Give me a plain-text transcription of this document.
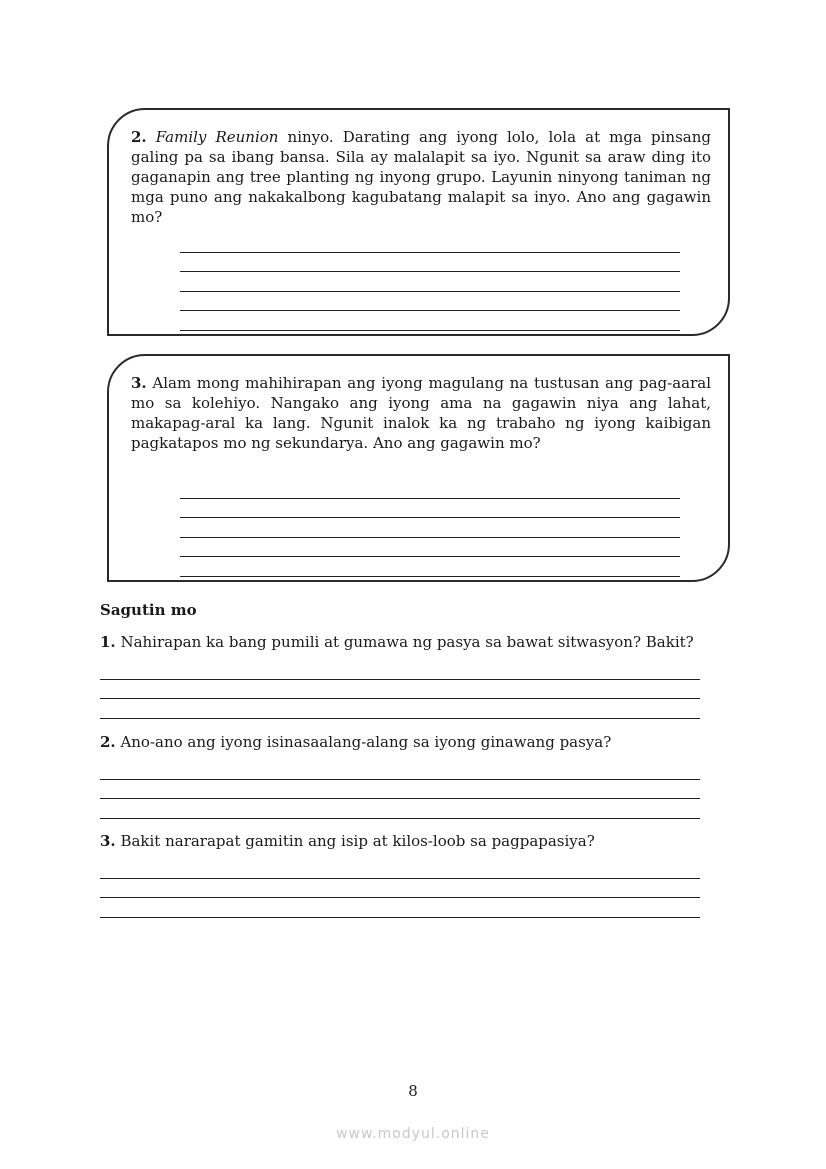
2. Family Reunion ninyo. Darating ang iyong lolo, lola at mga pinsang galing pa sa ibang bansa. Sila ay malalapit sa iyo. Ngunit sa araw ding ito gaganapin ang tree planting ng inyong grupo. Layunin ninyong taniman ng mga puno ang nakakalbong kagubatang malapit sa inyo. Ano ang gagawin mo?

3. Alam mong mahihirapan ang iyong magulang na tustusan ang pag-aaral mo sa kolehiyo. Nangako ang iyong ama na gagawin niya ang lahat, makapag-aral ka lang. Ngunit inalok ka ng trabaho ng iyong kaibigan pagkatapos mo ng sekundarya. Ano ang gagawin mo?

Sagutin mo

1. Nahirapan ka bang pumili at gumawa ng pasya sa bawat sitwasyon? Bakit?

2. Ano-ano ang iyong isinasaalang-alang sa iyong ginawang pasya?

3. Bakit nararapat gamitin ang isip at kilos-loob sa pagpapasiya?

8
www.modyul.online
